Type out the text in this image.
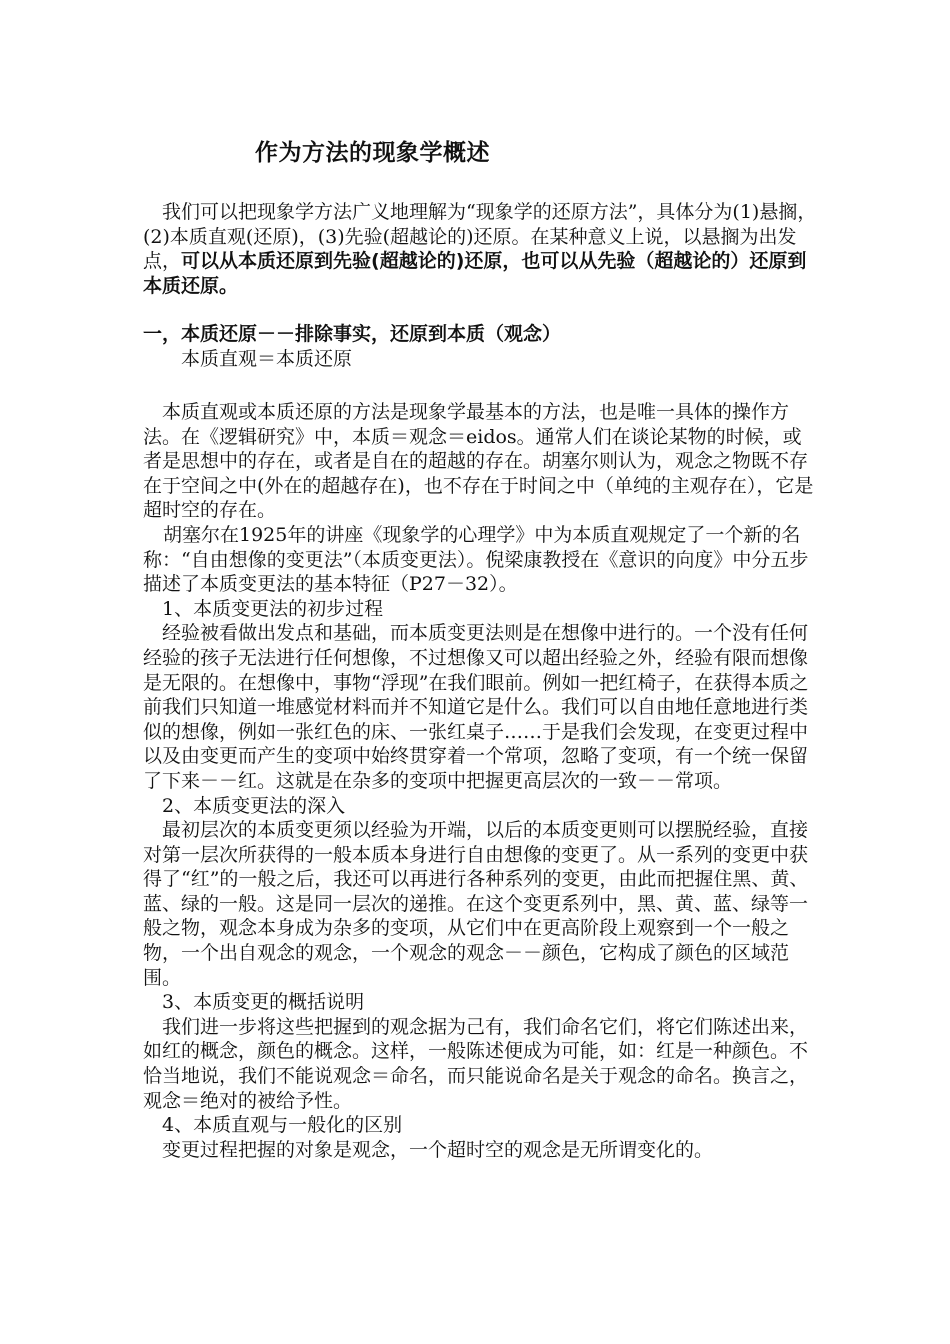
作为方法的现象学概述

　我们可以把现象学方法广义地理解为“现象学的还原方法”，具体分为(1)悬搁，(2)本质直观(还原)，(3)先验(超越论的)还原。在某种意义上说，以悬搁为出发点，可以从本质还原到先验(超越论的)还原，也可以从先验（超越论的）还原到本质还原。

一，本质还原－－排除事实，还原到本质（观念）
本质直观＝本质还原

本质直观或本质还原的方法是现象学最基本的方法，也是唯一具体的操作方法。在《逻辑研究》中，本质＝观念＝eidos。通常人们在谈论某物的时候，或者是思想中的存在，或者是自在的超越的存在。胡塞尔则认为，观念之物既不存在于空间之中(外在的超越存在)，也不存在于时间之中（单纯的主观存在），它是超时空的存在。

胡塞尔在1925年的讲座《现象学的心理学》中为本质直观规定了一个新的名称：“自由想像的变更法”（本质变更法）。倪梁康教授在《意识的向度》中分五步描述了本质变更法的基本特征（P27－32）。

1、本质变更法的初步过程

经验被看做出发点和基础，而本质变更法则是在想像中进行的。一个没有任何经验的孩子无法进行任何想像，不过想像又可以超出经验之外，经验有限而想像是无限的。在想像中，事物“浮现”在我们眼前。例如一把红椅子，在获得本质之前我们只知道一堆感觉材料而并不知道它是什么。我们可以自由地任意地进行类似的想像，例如一张红色的床、一张红桌子……于是我们会发现，在变更过程中以及由变更而产生的变项中始终贯穿着一个常项，忽略了变项，有一个统一保留了下来－－红。这就是在杂多的变项中把握更高层次的一致－－常项。

2、本质变更法的深入

最初层次的本质变更须以经验为开端，以后的本质变更则可以摆脱经验，直接对第一层次所获得的一般本质本身进行自由想像的变更了。从一系列的变更中获得了“红”的一般之后，我还可以再进行各种系列的变更，由此而把握住黑、黄、蓝、绿的一般。这是同一层次的递推。在这个变更系列中，黑、黄、蓝、绿等一般之物，观念本身成为杂多的变项，从它们中在更高阶段上观察到一个一般之物，一个出自观念的观念，一个观念的观念－－颜色，它构成了颜色的区域范围。

3、本质变更的概括说明

我们进一步将这些把握到的观念据为己有，我们命名它们，将它们陈述出来，如红的概念，颜色的概念。这样，一般陈述便成为可能，如：红是一种颜色。不恰当地说，我们不能说观念＝命名，而只能说命名是关于观念的命名。换言之，观念＝绝对的被给予性。

4、本质直观与一般化的区别

变更过程把握的对象是观念，一个超时空的观念是无所谓变化的。
